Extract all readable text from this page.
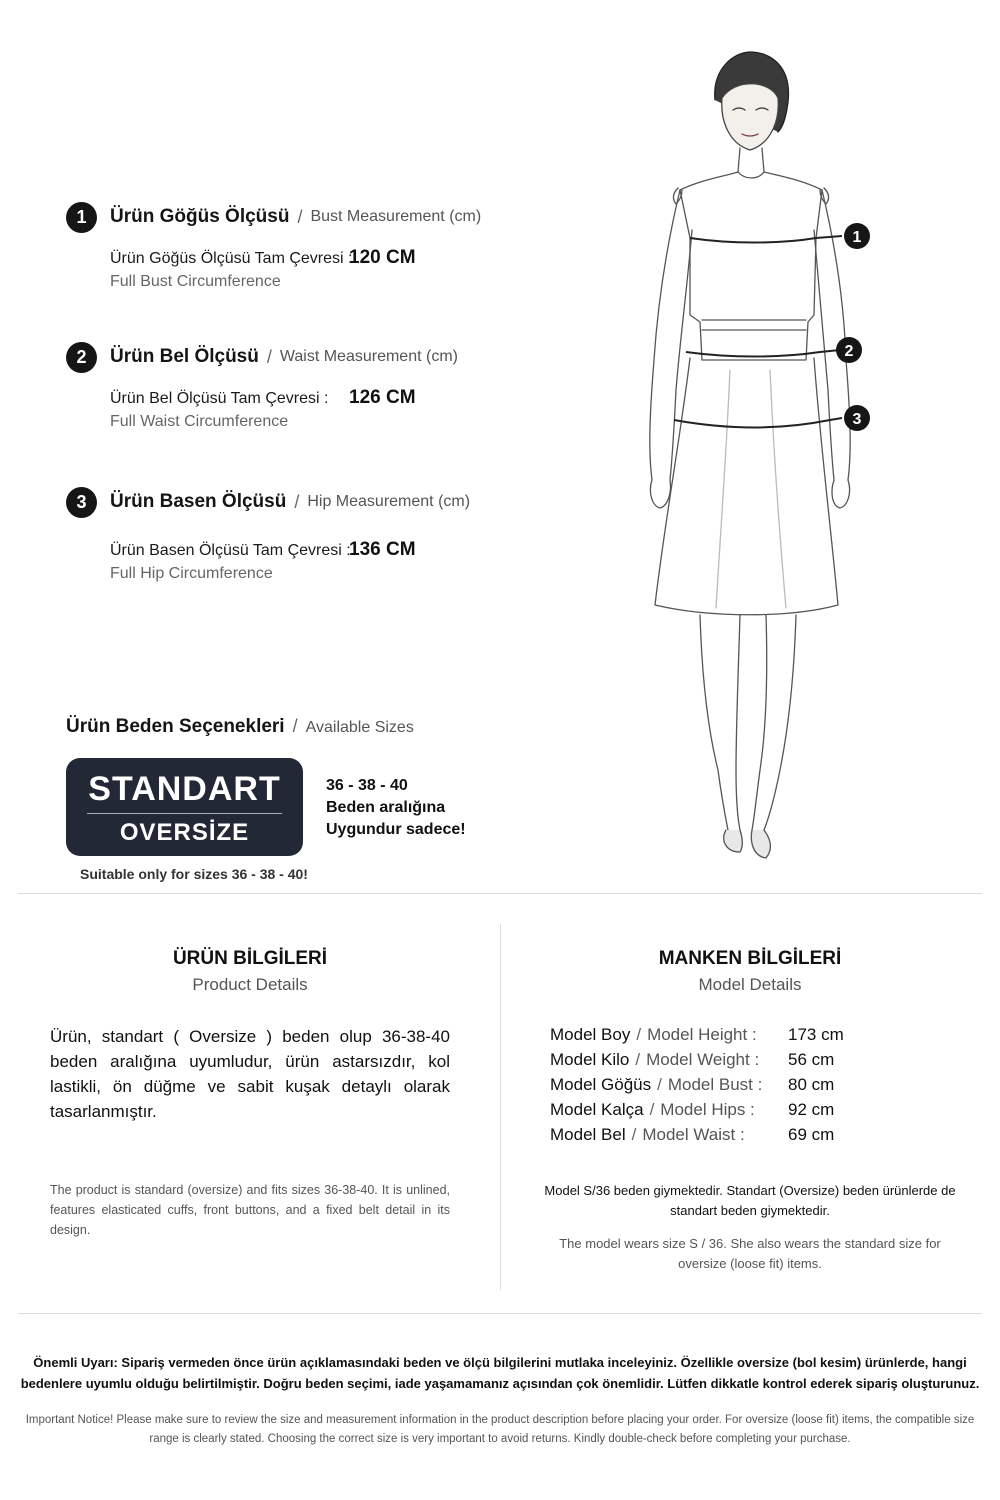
1	Ürün Göğüs Ölçüsü / Bust Measurement (cm)
Ürün Göğüs Ölçüsü Tam Çevresi :
120 CM
Full Bust Circumference
2	Ürün Bel Ölçüsü / Waist Measurement (cm)
Ürün Bel Ölçüsü Tam Çevresi :	126 CM
Full Waist Circumference
3	Ürün Basen Ölçüsü / Hip Measurement (cm)
Ürün Basen Ölçüsü Tam Çevresi :
136 CM
Full Hip Circumference
1
2
3
Ürün Beden Seçenekleri / Available Sizes
STANDART
OVERSİZE
36 - 38 - 40
Beden aralığına
Uygundur sadece!
Suitable only for sizes 36 - 38 - 40!
ÜRÜN BİLGİLERİ
Product Details
Ürün, standart ( Oversize ) beden olup 36-38-40 beden aralığına uyumludur, ürün astarsızdır, kol lastikli, ön düğme ve sabit kuşak detaylı olarak tasarlanmıştır.
The product is standard (oversize) and fits sizes 36-38-40. It is unlined, features elasticated cuffs, front buttons, and a fixed belt detail in its design.
MANKEN BİLGİLERİ
Model Details
Model Boy / Model Height : 173 cm
Model Kilo / Model Weight : 56 cm
Model Göğüs / Model Bust : 80 cm
Model Kalça / Model Hips : 92 cm
Model Bel / Model Waist :	69 cm
Model S/36 beden giymektedir. Standart (Oversize) beden ürünlerde de standart beden giymektedir.
The model wears size S / 36. She also wears the standard size for oversize (loose fit) items.
Önemli Uyarı: Sipariş vermeden önce ürün açıklamasındaki beden ve ölçü bilgilerini mutlaka inceleyiniz. Özellikle oversize (bol kesim) ürünlerde, hangi bedenlere uyumlu olduğu belirtilmiştir. Doğru beden seçimi, iade yaşamamanız açısından çok önemlidir. Lütfen dikkatle kontrol ederek sipariş oluşturunuz.
Important Notice! Please make sure to review the size and measurement information in the product description before placing your order. For oversize (loose fit) items, the compatible size range is clearly stated. Choosing the correct size is very important to avoid returns. Kindly double-check before completing your purchase.
